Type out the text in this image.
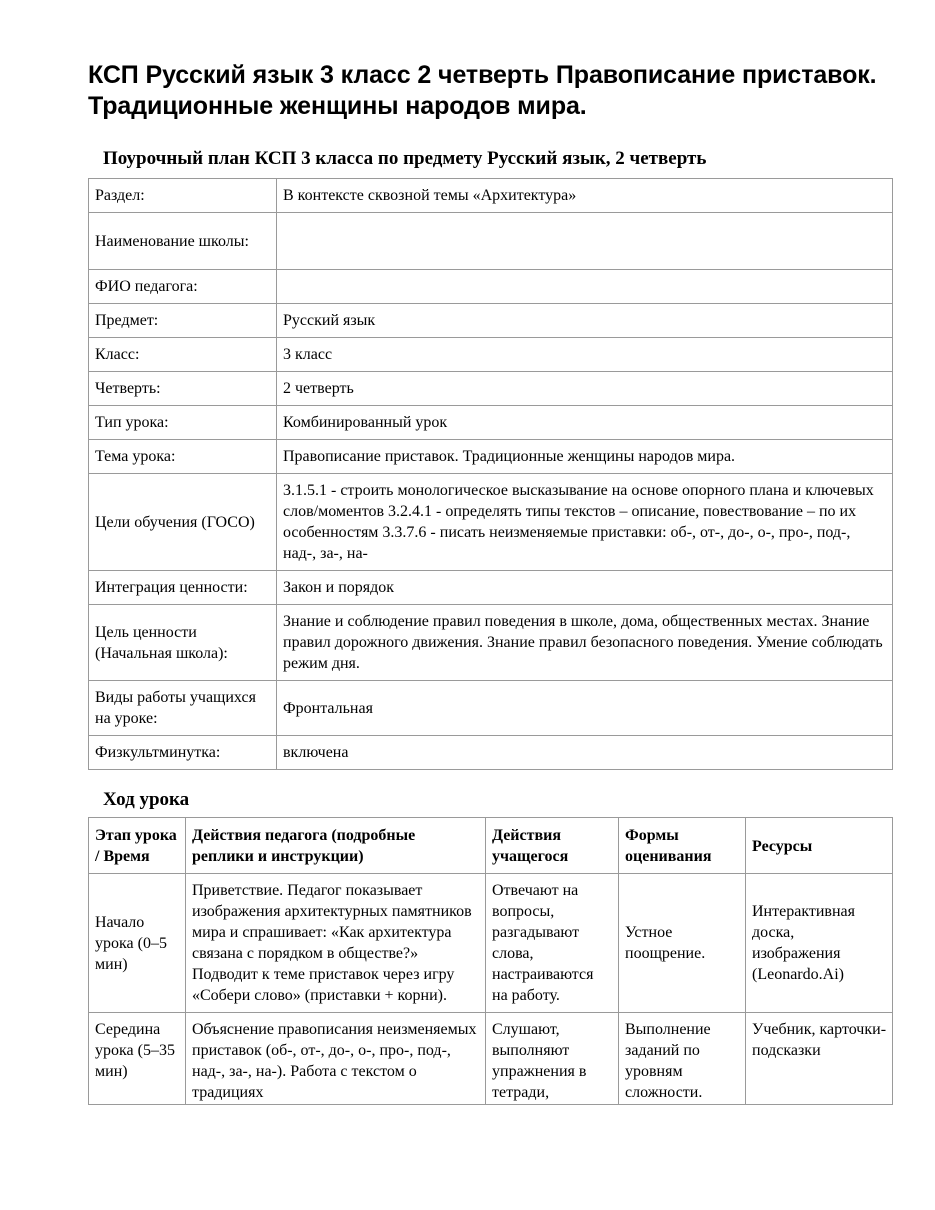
КСП Русский язык 3 класс 2 четверть Правописание приставок. Традиционные женщины народов мира.
Поурочный план КСП 3 класса по предмету Русский язык, 2 четверть
Раздел:	В контексте сквозной темы «Архитектура»
Наименование школы:	
ФИО педагога:	
Предмет:	Русский язык
Класс:	3 класс
Четверть:	2 четверть
Тип урока:	Комбинированный урок
Тема урока:	Правописание приставок. Традиционные женщины народов мира.
Цели обучения (ГОСО)	3.1.5.1 - строить монологическое высказывание на основе опорного плана и ключевых слов/моментов 3.2.4.1 - определять типы текстов – описание, повествование – по их особенностям 3.3.7.6 - писать неизменяемые приставки: об-, от-, до-, о-, про-, под-, над-, за-, на-
Интеграция ценности:	Закон и порядок
Цель ценности (Начальная школа):	Знание и соблюдение правил поведения в школе, дома, общественных местах. Знание правил дорожного движения. Знание правил безопасного поведения. Умение соблюдать режим дня.
Виды работы учащихся на уроке:	Фронтальная
Физкультминутка:	включена
Ход урока
Этап урока / Время	Действия педагога (подробные реплики и инструкции)	Действия учащегося	Формы оценивания	Ресурсы
Начало урока (0–5 мин)	Приветствие. Педагог показывает изображения архитектурных памятников мира и спрашивает: «Как архитектура связана с порядком в обществе?» Подводит к теме приставок через игру «Собери слово» (приставки + корни).	Отвечают на вопросы, разгадывают слова, настраиваются на работу.	Устное поощрение.	Интерактивная доска, изображения (Leonardo.Ai)

Середина урока (5–35 мин)	Объяснение правописания неизменяемых приставок (об-, от-, до-, о-, про-, под-, над-, за-, на-). Работа с текстом о традициях	Слушают, выполняют упражнения в тетради,	Выполнение заданий по уровням сложности.	Учебник, карточки-подсказки
